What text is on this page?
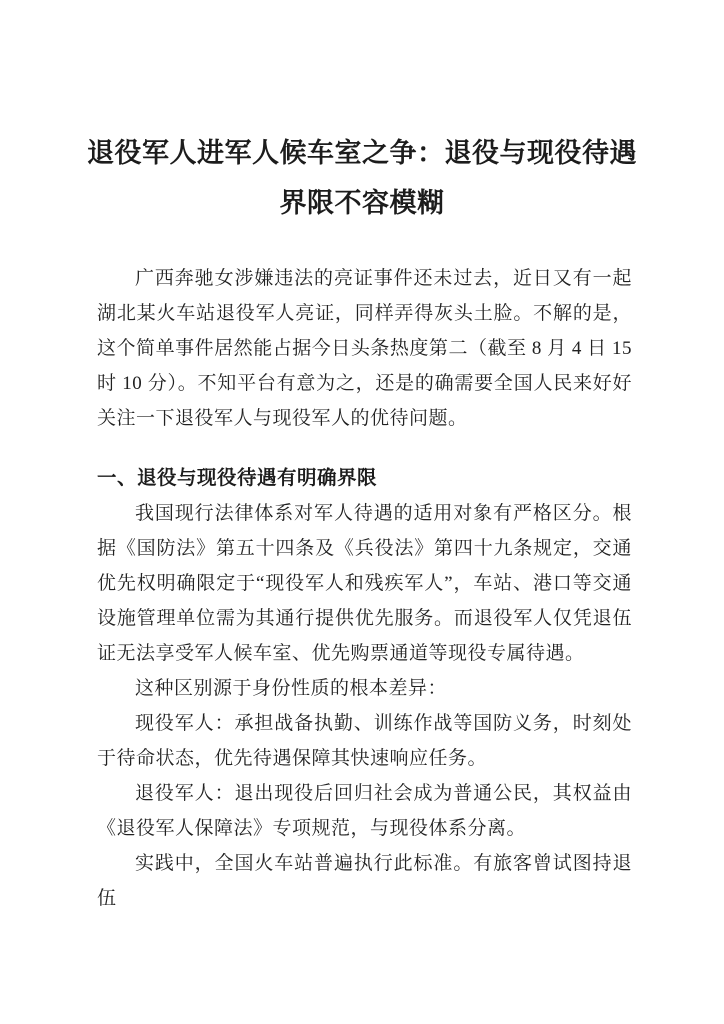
退役军人进军人候车室之争：退役与现役待遇
界限不容模糊

广西奔驰女涉嫌违法的亮证事件还未过去，近日又有一起湖北某火车站退役军人亮证，同样弄得灰头土脸。不解的是，这个简单事件居然能占据今日头条热度第二（截至 8 月 4 日 15 时 10 分）。不知平台有意为之，还是的确需要全国人民来好好关注一下退役军人与现役军人的优待问题。

一、退役与现役待遇有明确界限

我国现行法律体系对军人待遇的适用对象有严格区分。根据《国防法》第五十四条及《兵役法》第四十九条规定，交通优先权明确限定于“现役军人和残疾军人”，车站、港口等交通设施管理单位需为其通行提供优先服务。而退役军人仅凭退伍证无法享受军人候车室、优先购票通道等现役专属待遇。

这种区别源于身份性质的根本差异：

现役军人：承担战备执勤、训练作战等国防义务，时刻处于待命状态，优先待遇保障其快速响应任务。

退役军人：退出现役后回归社会成为普通公民，其权益由《退役军人保障法》专项规范，与现役体系分离。

实践中，全国火车站普遍执行此标准。有旅客曾试图持退伍
